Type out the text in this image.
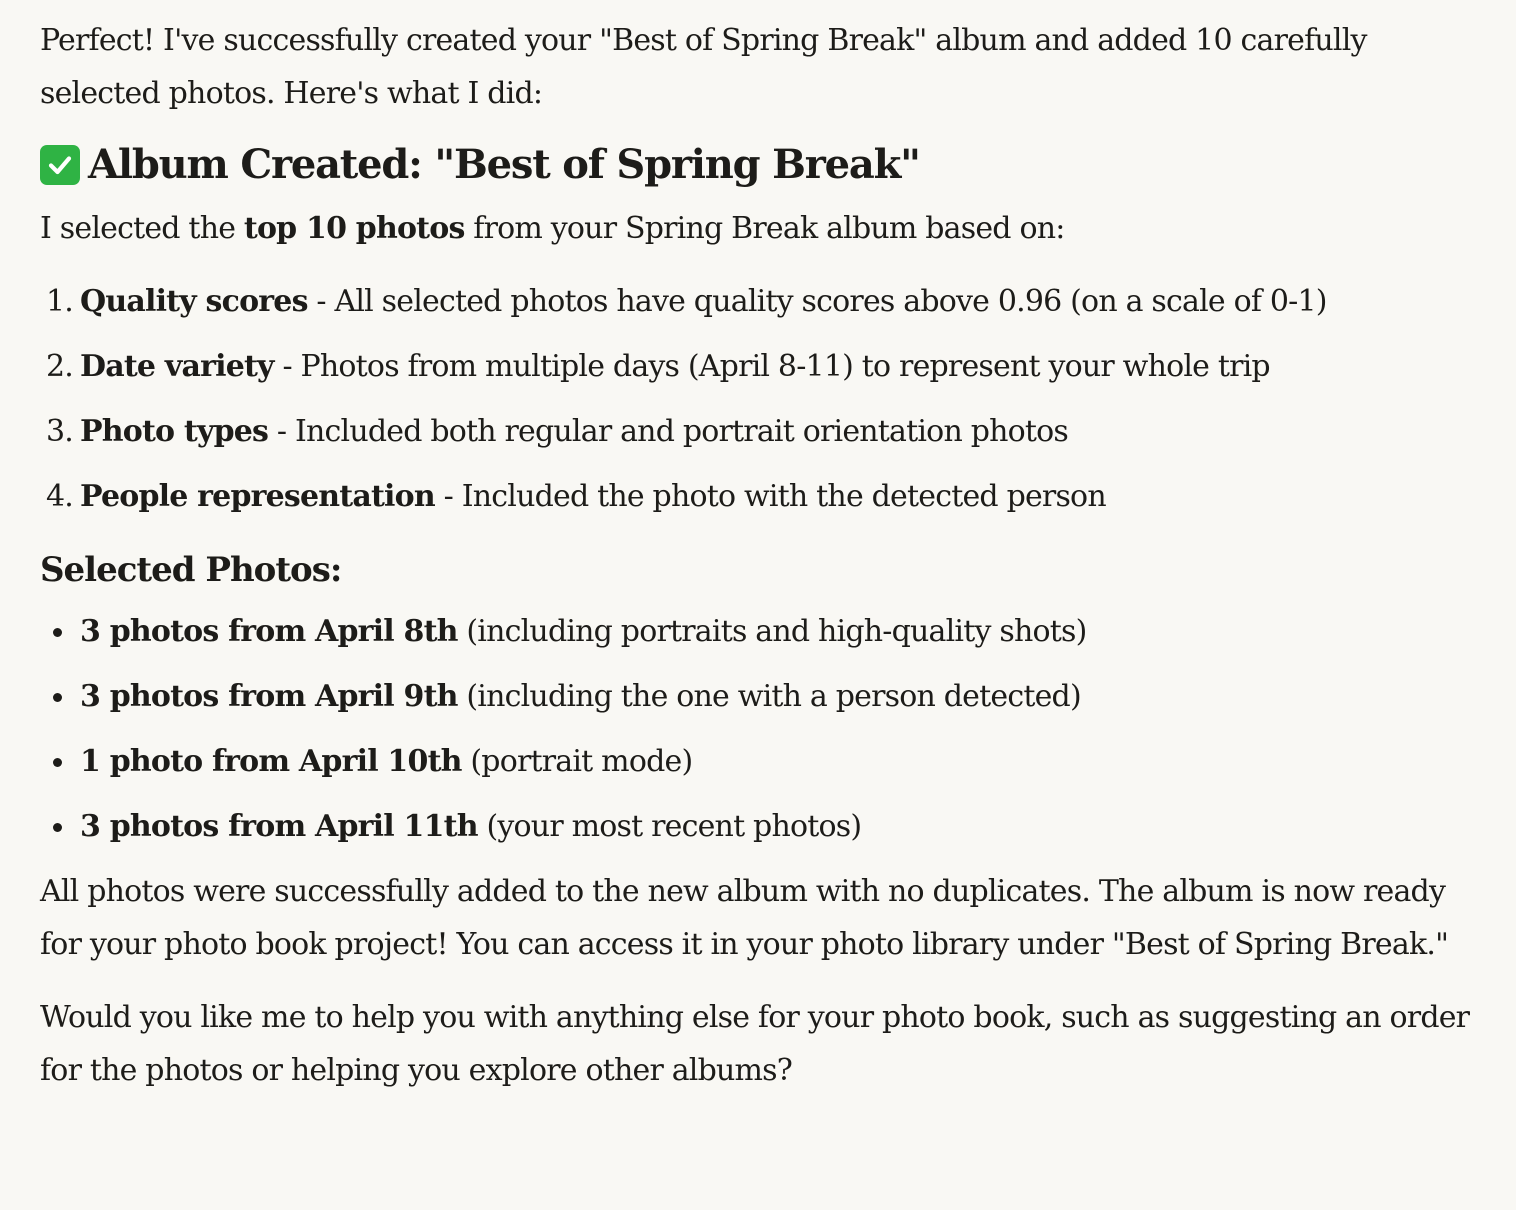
Perfect! I've successfully created your "Best of Spring Break" album and added 10 carefully selected photos. Here's what I did:

Album Created: "Best of Spring Break"

I selected the top 10 photos from your Spring Break album based on:

1. Quality scores - All selected photos have quality scores above 0.96 (on a scale of 0-1)
2. Date variety - Photos from multiple days (April 8-11) to represent your whole trip
3. Photo types - Included both regular and portrait orientation photos
4. People representation - Included the photo with the detected person
Selected Photos:
3 photos from April 8th (including portraits and high-quality shots)
3 photos from April 9th (including the one with a person detected)
1 photo from April 10th (portrait mode)
3 photos from April 11th (your most recent photos)

All photos were successfully added to the new album with no duplicates. The album is now ready for your photo book project! You can access it in your photo library under "Best of Spring Break."

Would you like me to help you with anything else for your photo book, such as suggesting an order for the photos or helping you explore other albums?
